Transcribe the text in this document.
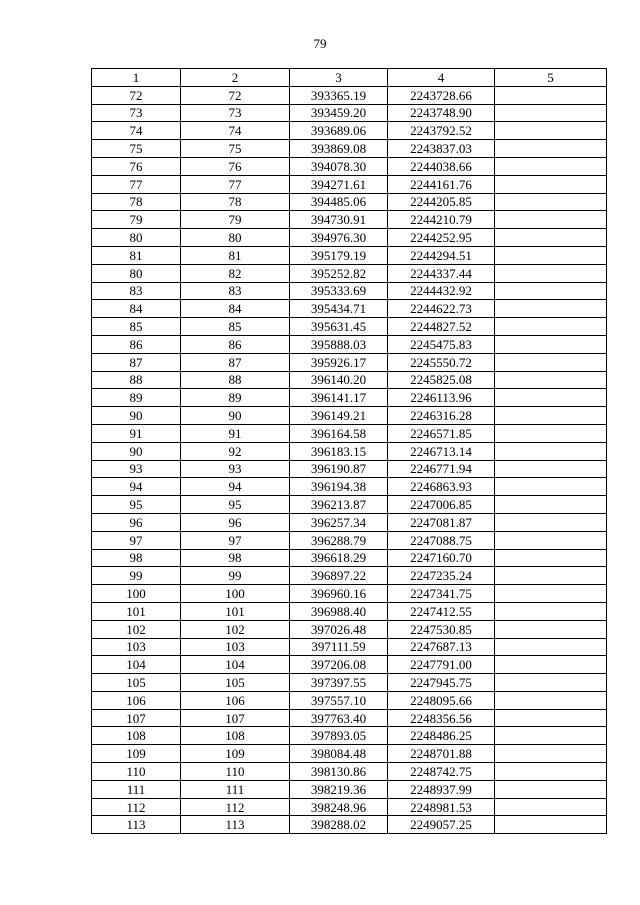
79
1	2	3	4	5
72	72	393365.19	2243728.66	
73	73	393459.20	2243748.90	
74	74	393689.06	2243792.52	
75	75	393869.08	2243837.03	
76	76	394078.30	2244038.66	
77	77	394271.61	2244161.76	
78	78	394485.06	2244205.85	
79	79	394730.91	2244210.79	
80	80	394976.30	2244252.95	
81	81	395179.19	2244294.51	
80	82	395252.82	2244337.44	
83	83	395333.69	2244432.92	
84	84	395434.71	2244622.73	
85	85	395631.45	2244827.52	
86	86	395888.03	2245475.83	
87	87	395926.17	2245550.72	
88	88	396140.20	2245825.08	
89	89	396141.17	2246113.96	
90	90	396149.21	2246316.28	
91	91	396164.58	2246571.85	
90	92	396183.15	2246713.14	
93	93	396190.87	2246771.94	
94	94	396194.38	2246863.93	
95	95	396213.87	2247006.85	
96	96	396257.34	2247081.87	
97	97	396288.79	2247088.75	
98	98	396618.29	2247160.70	
99	99	396897.22	2247235.24	
100	100	396960.16	2247341.75	
101	101	396988.40	2247412.55	
102	102	397026.48	2247530.85	
103	103	397111.59	2247687.13	
104	104	397206.08	2247791.00	
105	105	397397.55	2247945.75	
106	106	397557.10	2248095.66	
107	107	397763.40	2248356.56	
108	108	397893.05	2248486.25	
109	109	398084.48	2248701.88	
110	110	398130.86	2248742.75	
111	111	398219.36	2248937.99	
112	112	398248.96	2248981.53	
113	113	398288.02	2249057.25	
